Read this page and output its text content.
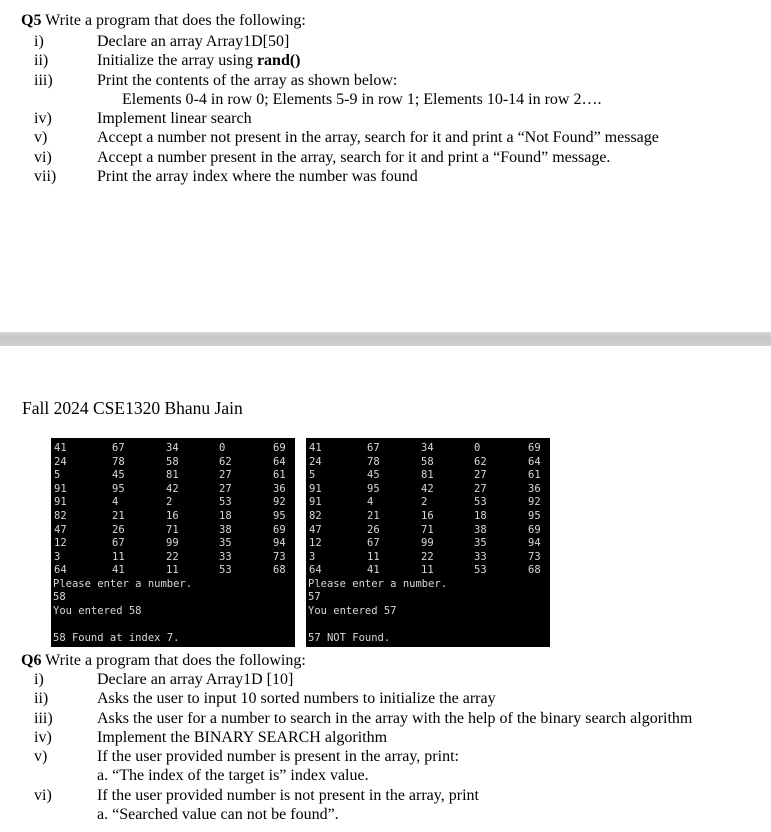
Q5 Write a program that does the following:
i)	Declare an array Array1D[50]
ii)	Initialize the array using rand()
iii)	Print the contents of the array as shown below:
Elements 0-4 in row 0; Elements 5-9 in row 1; Elements 10-14 in row 2….
iv)	Implement linear search
v)	Accept a number not present in the array, search for it and print a “Not Found” message
vi)	Accept a number present in the array, search for it and print a “Found” message.
vii)	Print the array index where the number was found
Fall 2024 CSE1320 Bhanu Jain
41	67	34	0	69
24	78	58	62	64
5	45	81	27	61
91	95	42	27	36
91	4	2	53	92
82	21	16	18	95
47	26	71	38	69
12	67	99	35	94
3	11	22	33	73
64	41	11	53	68
Please enter a number.
58
You entered 58
58 Found at index 7.
41	67	34	0	69
24	78	58	62	64
5	45	81	27	61
91	95	42	27	36
91	4	2	53	92
82	21	16	18	95
47	26	71	38	69
12	67	99	35	94
3	11	22	33	73
64	41	11	53	68
Please enter a number.
57
You entered 57
57 NOT Found.
Q6 Write a program that does the following:
i)	Declare an array Array1D [10]
ii)	Asks the user to input 10 sorted numbers to initialize the array
iii)	Asks the user for a number to search in the array with the help of the binary search algorithm
iv)	Implement the BINARY SEARCH algorithm
v)	If the user provided number is present in the array, print:
a. “The index of the target is” index value.
vi)	If the user provided number is not present in the array, print
a. “Searched value can not be found”.
